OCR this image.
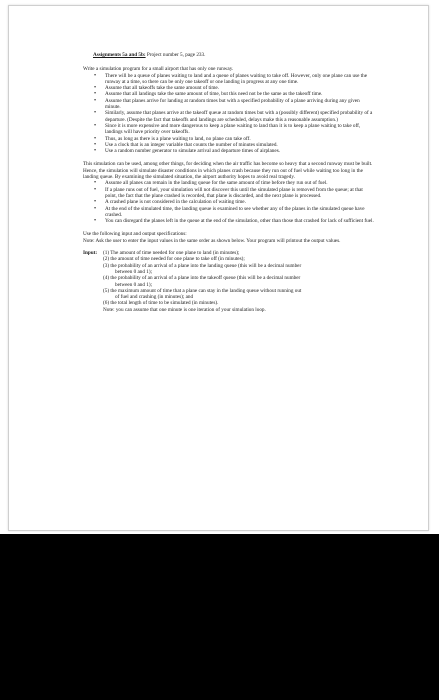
Assignments 5a and 5b: Project number 5, page 233.

Write a simulation program for a small airport that has only one runway.

• There will be a queue of planes waiting to land and a queue of planes waiting to take off. However, only one plane can use the runway at a time, so there can be only one takeoff or one landing in progress at any one time.
• Assume that all takeoffs take the same amount of time.
• Assume that all landings take the same amount of time, but this need not be the same as the takeoff time.
• Assume that planes arrive for landing at random times but with a specified probability of a plane arriving during any given minute.
• Similarly, assume that planes arrive at the takeoff queue at random times but with a (possibly different) specified probability of a departure. (Despite the fact that takeoffs and landings are scheduled, delays make this a reasonable assumption.)
• Since it is more expensive and more dangerous to keep a plane waiting to land than it is to keep a plane waiting to take off, landings will have priority over takeoffs.
• Thus, as long as there is a plane waiting to land, no plane can take off.
• Use a clock that is an integer variable that counts the number of minutes simulated.
• Use a random number generator to simulate arrival and departure times of airplanes.

This simulation can be used, among other things, for deciding when the air traffic has become so heavy that a second runway must be built. Hence, the simulation will simulate disaster conditions in which planes crash because they run out of fuel while waiting too long in the landing queue. By examining the simulated situation, the airport authority hopes to avoid real tragedy.

• Assume all planes can remain in the landing queue for the same amount of time before they run out of fuel.
• If a plane runs out of fuel, your simulation will not discover this until the simulated plane is removed from the queue; at that point, the fact that the plane crashed is recorded, that plane is discarded, and the next plane is processed.
• A crashed plane is not considered in the calculation of waiting time.
• At the end of the simulated time, the landing queue is examined to see whether any of the planes in the simulated queue have crashed.
• You can disregard the planes left in the queue at the end of the simulation, other than those that crashed for lack of sufficient fuel.

Use the following input and output specifications:

Note: Ask the user to enter the input values in the same order as shown below. Your program will printout the output values.

Input:	(1) The amount of time needed for one plane to land (in minutes);
(2) the amount of time needed for one plane to take off (in minutes);
(3) the probability of an arrival of a plane into the landing queue (this will be a decimal number
between 0 and 1);
(4) the probability of an arrival of a plane into the takeoff queue (this will be a decimal number
between 0 and 1);
(5) the maximum amount of time that a plane can stay in the landing queue without running out
of fuel and crashing (in minutes); and
(6) the total length of time to be simulated (in minutes).
Note: you can assume that one minute is one iteration of your simulation loop.
